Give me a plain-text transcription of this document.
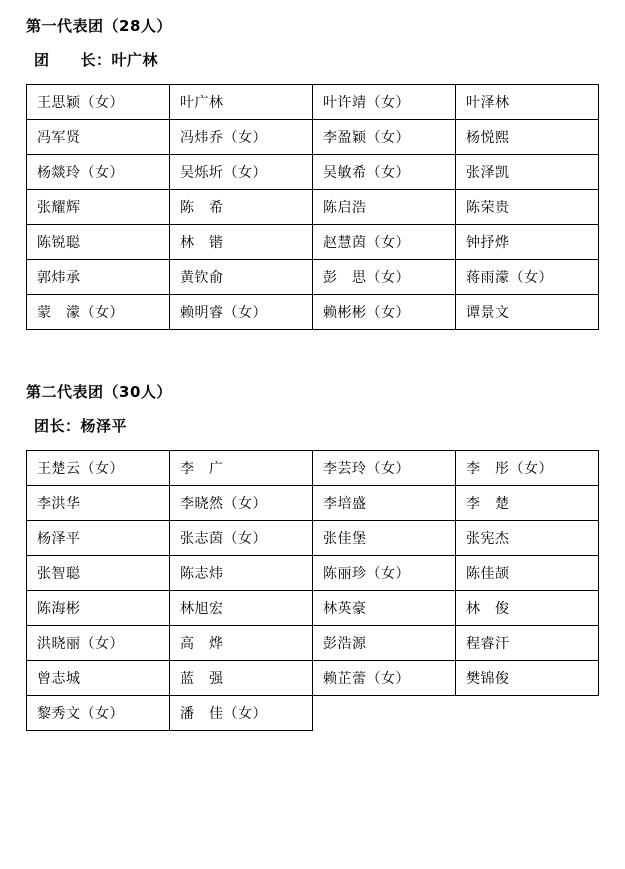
第一代表团（28人）
团　　长：叶广林
王思颖（女）	叶广林	叶许靖（女）	叶泽林
冯军贤	冯炜乔（女）	李盈颖（女）	杨悦熙
杨燚玲（女）	吴烁圻（女）	吴敏希（女）	张泽凯
张耀辉	陈　希	陈启浩	陈荣贵
陈锐聪	林　锴	赵慧茵（女）	钟抒烨
郭炜承	黄钦俞	彭　思（女）	蒋雨濛（女）
蒙　濛（女）	赖明睿（女）	赖彬彬（女）	谭景文
第二代表团（30人）
团长：杨泽平
王楚云（女）	李　广	李芸玲（女）	李　彤（女）
李洪华	李晓然（女）	李培盛	李　楚
杨泽平	张志茵（女）	张佳堡	张宪杰
张智聪	陈志炜	陈丽珍（女）	陈佳颉
陈海彬	林旭宏	林英豪	林　俊
洪晓丽（女）	高　烨	彭浩源	程睿汗
曾志城	蓝　强	赖芷蕾（女）	樊锦俊
黎秀文（女）	潘　佳（女）		
